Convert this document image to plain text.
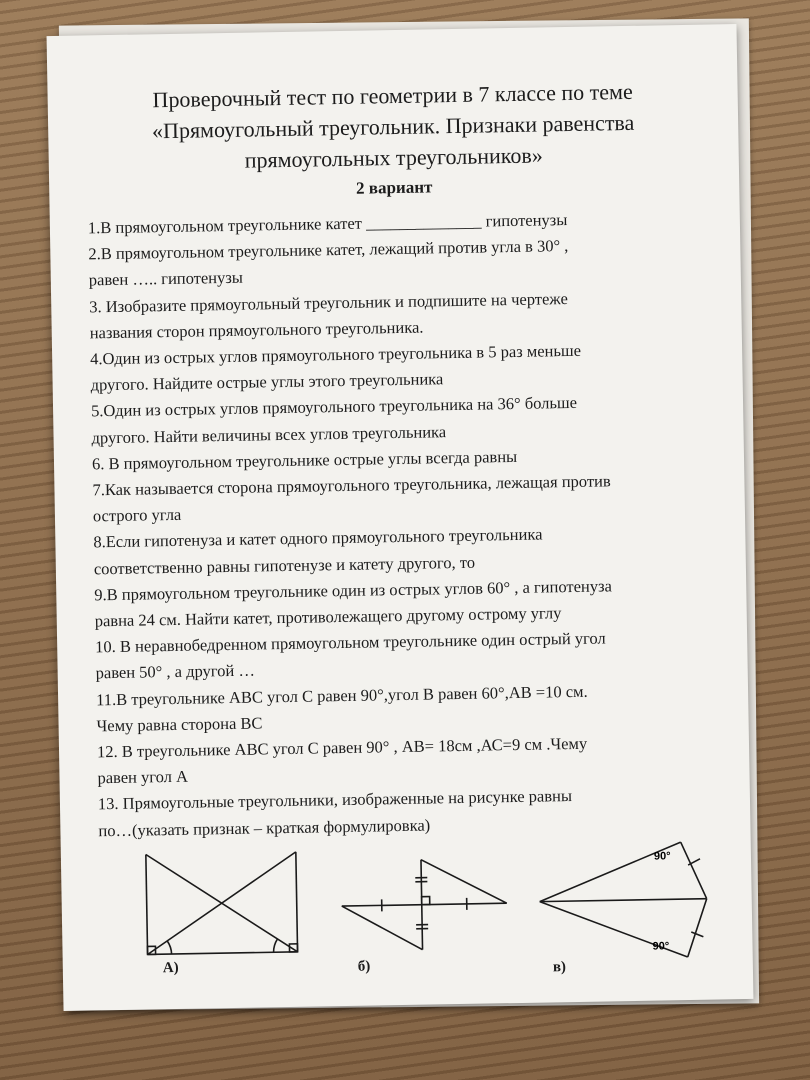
Проверочный тест по геометрии в 7 классе по теме
«Прямоугольный треугольник. Признаки равенства
прямоугольных треугольников»
2 вариант

1.В прямоугольном треугольнике катет ______________ гипотенузы

2.В прямоугольном треугольнике катет, лежащий против угла в 30° ,

равен ….. гипотенузы

3. Изобразите прямоугольный треугольник и подпишите на чертеже

названия сторон прямоугольного треугольника.

4.Один из острых углов прямоугольного треугольника в 5 раз меньше

другого. Найдите острые углы этого треугольника

5.Один из острых углов прямоугольного треугольника на 36° больше

другого. Найти величины всех углов треугольника

6. В прямоугольном треугольнике острые углы всегда равны

7.Как называется сторона прямоугольного треугольника, лежащая против

острого угла

8.Если гипотенуза и катет одного прямоугольного треугольника

соответственно равны гипотенузе и катету другого, то

9.В прямоугольном треугольнике один из острых углов 60° , а гипотенуза

равна 24 см. Найти катет, противолежащего другому острому углу

10. В неравнобедренном прямоугольном треугольнике один острый угол

равен 50° , а другой …

11.В треугольнике АВС угол С равен 90°,угол В равен 60°,АВ =10 см.

Чему равна сторона ВС

12. В треугольнике АВС угол С равен 90° , АВ= 18см ,АС=9 см .Чему

равен угол А

13. Прямоугольные треугольники, изображенные на рисунке равны

по…(указать признак – краткая формулировка)

А)	б)
90°
90°
в)
